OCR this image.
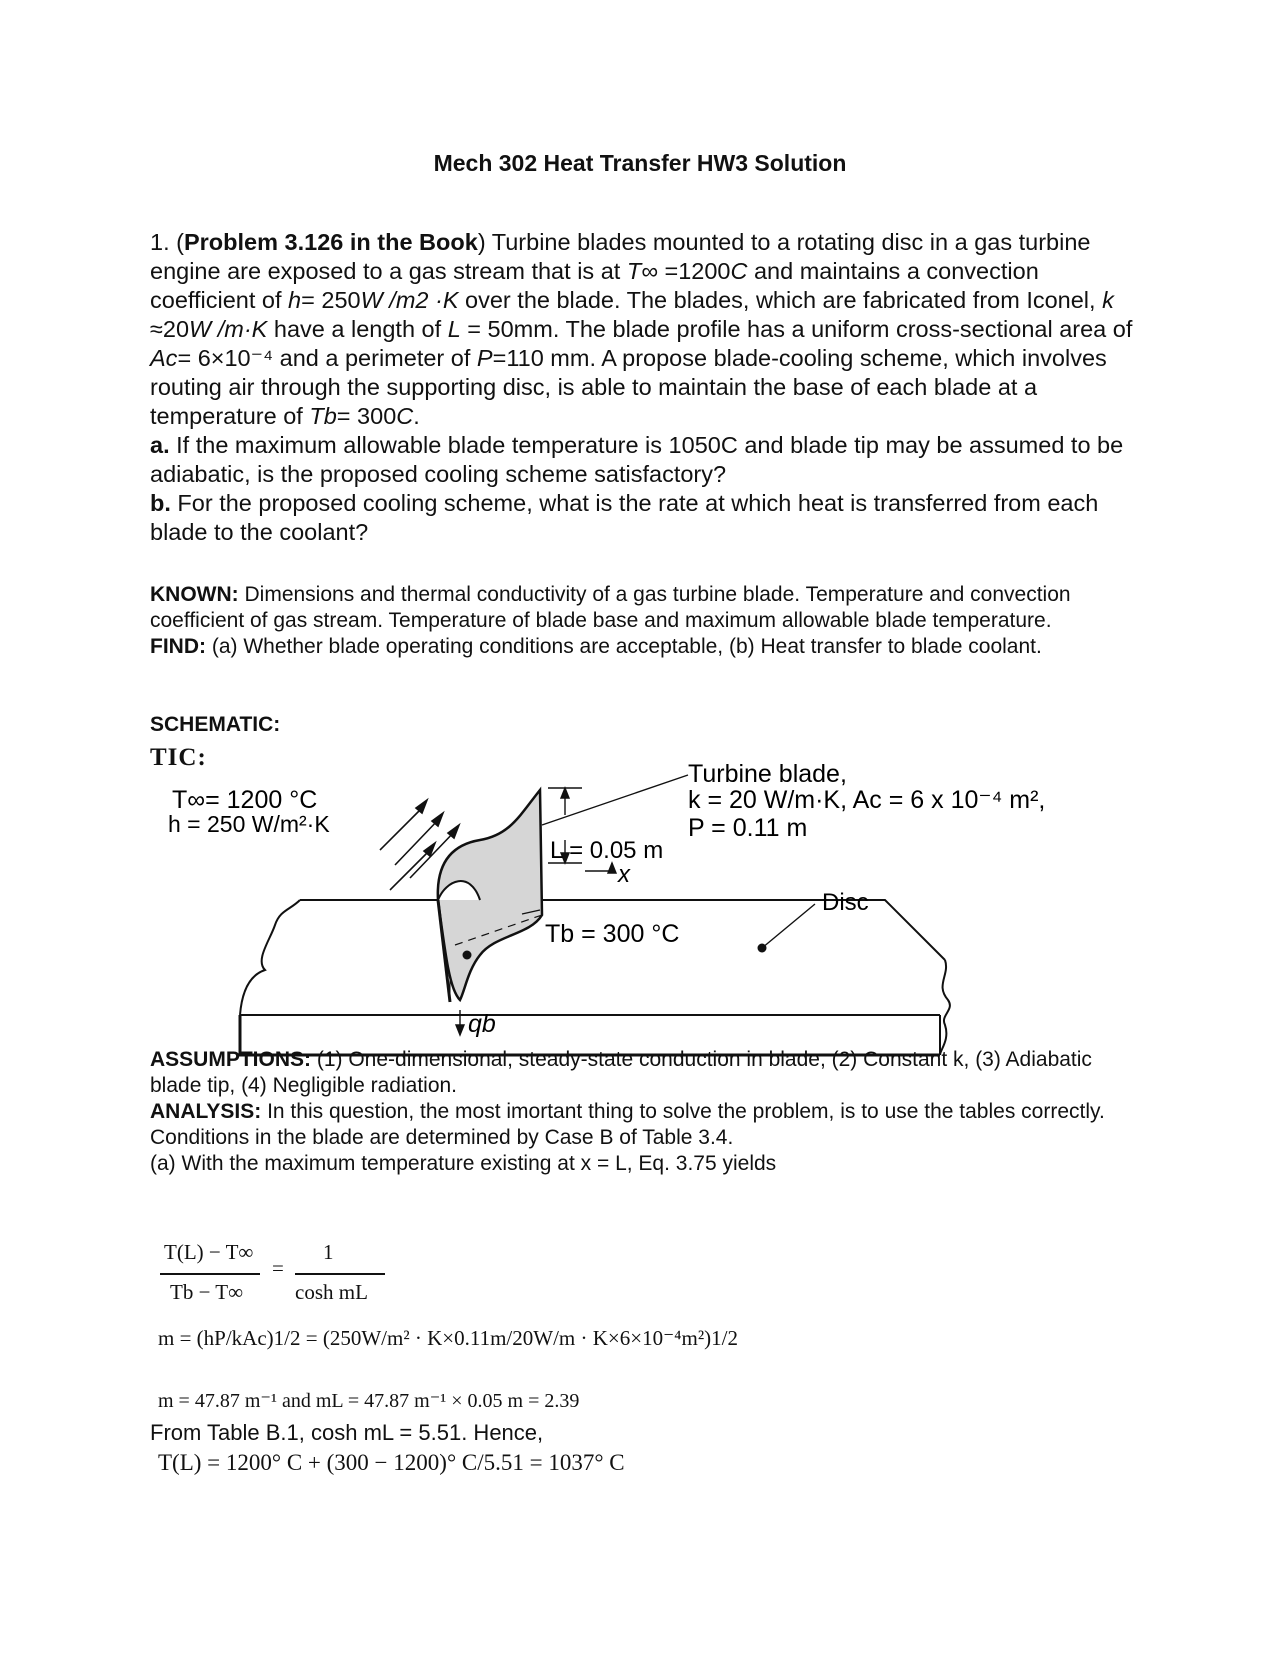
Mech 302 Heat Transfer HW3 Solution
1. (Problem 3.126 in the Book) Turbine blades mounted to a rotating disc in a gas turbine engine are exposed to a gas stream that is at T∞ =1200C and maintains a convection coefficient of h= 250W /m2 ·K over the blade. The blades, which are fabricated from Iconel, k ≈20W /m·K have a length of L = 50mm. The blade profile has a uniform cross-sectional area of Ac= 6×10⁻⁴ and a perimeter of P=110 mm. A propose blade-cooling scheme, which involves routing air through the supporting disc, is able to maintain the base of each blade at a temperature of Tb= 300C.
a. If the maximum allowable blade temperature is 1050C and blade tip may be assumed to be adiabatic, is the proposed cooling scheme satisfactory?
b. For the proposed cooling scheme, what is the rate at which heat is transferred from each blade to the coolant?
KNOWN: Dimensions and thermal conductivity of a gas turbine blade. Temperature and convection coefficient of gas stream. Temperature of blade base and maximum allowable blade temperature.
FIND: (a) Whether blade operating conditions are acceptable, (b) Heat transfer to blade coolant.
SCHEMATIC:
TIC:
T∞= 1200 °C
h = 250 W/m²·K
Turbine blade,
k = 20 W/m·K, Ac = 6 x 10⁻⁴ m²,
P = 0.11 m
L = 0.05 m
x
Tb = 300 °C
Disc
qb
ASSUMPTIONS: (1) One-dimensional, steady-state conduction in blade, (2) Constant k, (3) Adiabatic blade tip, (4) Negligible radiation.
ANALYSIS: In this question, the most imortant thing to solve the problem, is to use the tables correctly.
Conditions in the blade are determined by Case B of Table 3.4.
(a) With the maximum temperature existing at x = L, Eq. 3.75 yields
T(L) − T∞	1
=
Tb − T∞ cosh mL
m = (hP/kAc)1/2 = (250W/m² · K×0.11m/20W/m · K×6×10⁻⁴m²)1/2
m = 47.87 m⁻¹ and mL = 47.87 m⁻¹ × 0.05 m = 2.39
From Table B.1, cosh mL = 5.51. Hence,
T(L) = 1200° C + (300 − 1200)° C/5.51 = 1037° C
